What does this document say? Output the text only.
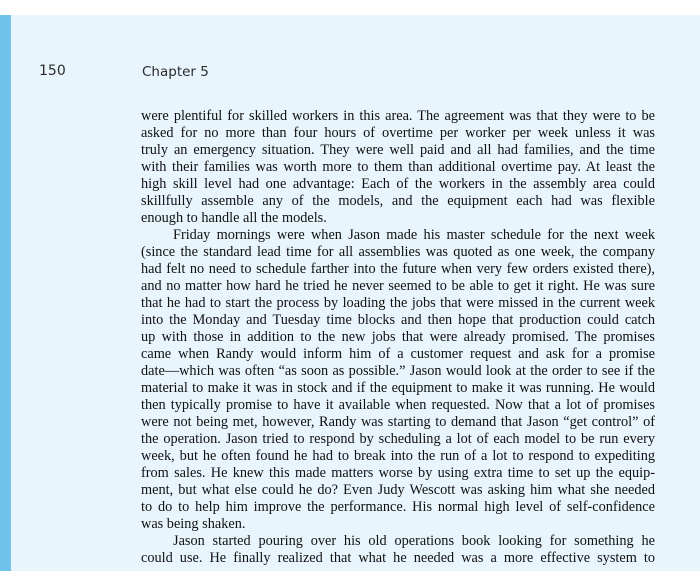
150	Chapter 5
were plentiful for skilled workers in this area. The agreement was that they were to be
asked for no more than four hours of overtime per worker per week unless it was
truly an emergency situation. They were well paid and all had families, and the time
with their families was worth more to them than additional overtime pay. At least the
high skill level had one advantage: Each of the workers in the assembly area could
skillfully assemble any of the models, and the equipment each had was flexible
enough to handle all the models.
Friday mornings were when Jason made his master schedule for the next week
(since the standard lead time for all assemblies was quoted as one week, the company
had felt no need to schedule farther into the future when very few orders existed there),
and no matter how hard he tried he never seemed to be able to get it right. He was sure
that he had to start the process by loading the jobs that were missed in the current week
into the Monday and Tuesday time blocks and then hope that production could catch
up with those in addition to the new jobs that were already promised. The promises
came when Randy would inform him of a customer request and ask for a promise
date—which was often “as soon as possible.” Jason would look at the order to see if the
material to make it was in stock and if the equipment to make it was running. He would
then typically promise to have it available when requested. Now that a lot of promises
were not being met, however, Randy was starting to demand that Jason “get control” of
the operation. Jason tried to respond by scheduling a lot of each model to be run every
week, but he often found he had to break into the run of a lot to respond to expediting
from sales. He knew this made matters worse by using extra time to set up the equip-
ment, but what else could he do? Even Judy Wescott was asking him what she needed
to do to help him improve the performance. His normal high level of self-confidence
was being shaken.
Jason started pouring over his old operations book looking for something he
could use. He finally realized that what he needed was a more effective system to
